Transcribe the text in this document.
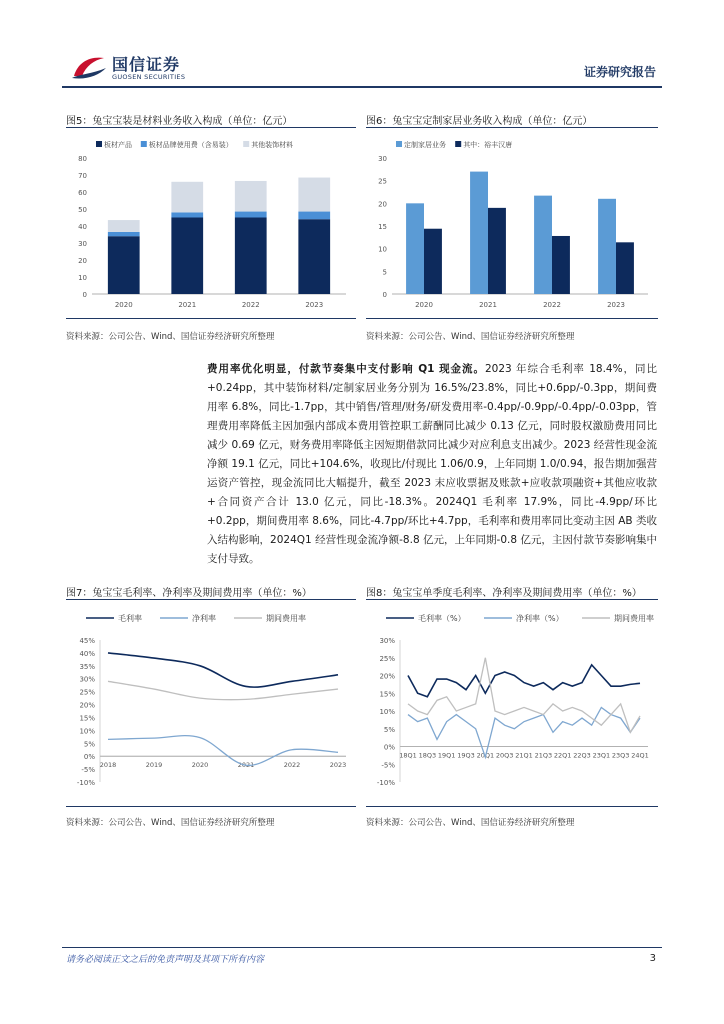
国信证券
GUOSEN SECURITIES	证券研究报告
图5：兔宝宝装是材料业务收入构成（单位：亿元）
板材产品 板材品牌使用费（含易装）	其他装饰材料
0
10
20
30
40
50
60
70
80
2020	2021	2022	2023
资料来源：公司公告、Wind、国信证券经济研究所整理
图6：兔宝宝定制家居业务收入构成（单位：亿元）
定制家居业务 其中：裕丰汉唐
0
5
10
15
20
25
30
2020	2021	2022	2023
资料来源：公司公告、Wind、国信证券经济研究所整理
费用率优化明显，付款节奏集中支付影响 Q1 现金流。2023 年综合毛利率 18.4%，同比+0.24pp，其中装饰材料/定制家居业务分别为 16.5%/23.8%，同比+0.6pp/-0.3pp，期间费用率 6.8%，同比-1.7pp，其中销售/管理/财务/研发费用率-0.4pp/-0.9pp/-0.4pp/-0.03pp，管理费用率降低主因加强内部成本费用管控职工薪酬同比减少 0.13 亿元，同时股权激励费用同比减少 0.69 亿元，财务费用率降低主因短期借款同比减少对应利息支出减少。2023 经营性现金流净额 19.1 亿元，同比+104.6%，收现比/付现比 1.06/0.9，上年同期 1.0/0.94，报告期加强营运资产管控，现金流同比大幅提升，截至 2023 末应收票据及账款+应收款项融资+其他应收款+合同资产合计 13.0 亿元，同比-18.3%。2024Q1 毛利率 17.9%，同比-4.9pp/环比+0.2pp，期间费用率 8.6%，同比-4.7pp/环比+4.7pp，毛利率和费用率同比变动主因 AB 类收入结构影响，2024Q1 经营性现金流净额-8.8 亿元，上年同期-0.8 亿元，主因付款节奏影响集中支付导致。
图7：兔宝宝毛利率、净利率及期间费用率（单位：%）
毛利率	净利率	期间费用率
-10%
-5%
0%
5%
10%
15%
20%
25%
30%
35%
40%
45%
2018	2019	2020	2021	2022	2023
资料来源：公司公告、Wind、国信证券经济研究所整理
图8：兔宝宝单季度毛利率、净利率及期间费用率（单位：%）
毛利率（%）	净利率（%）	期间费用率
-10%
-5%
0%
5%
10%
15%
20%
25%
30%
18Q1 18Q3 19Q1 19Q3 20Q1 20Q3 21Q1 21Q3 22Q1 22Q3 23Q1 23Q3 24Q1
资料来源：公司公告、Wind、国信证券经济研究所整理
请务必阅读正文之后的免责声明及其项下所有内容	3
